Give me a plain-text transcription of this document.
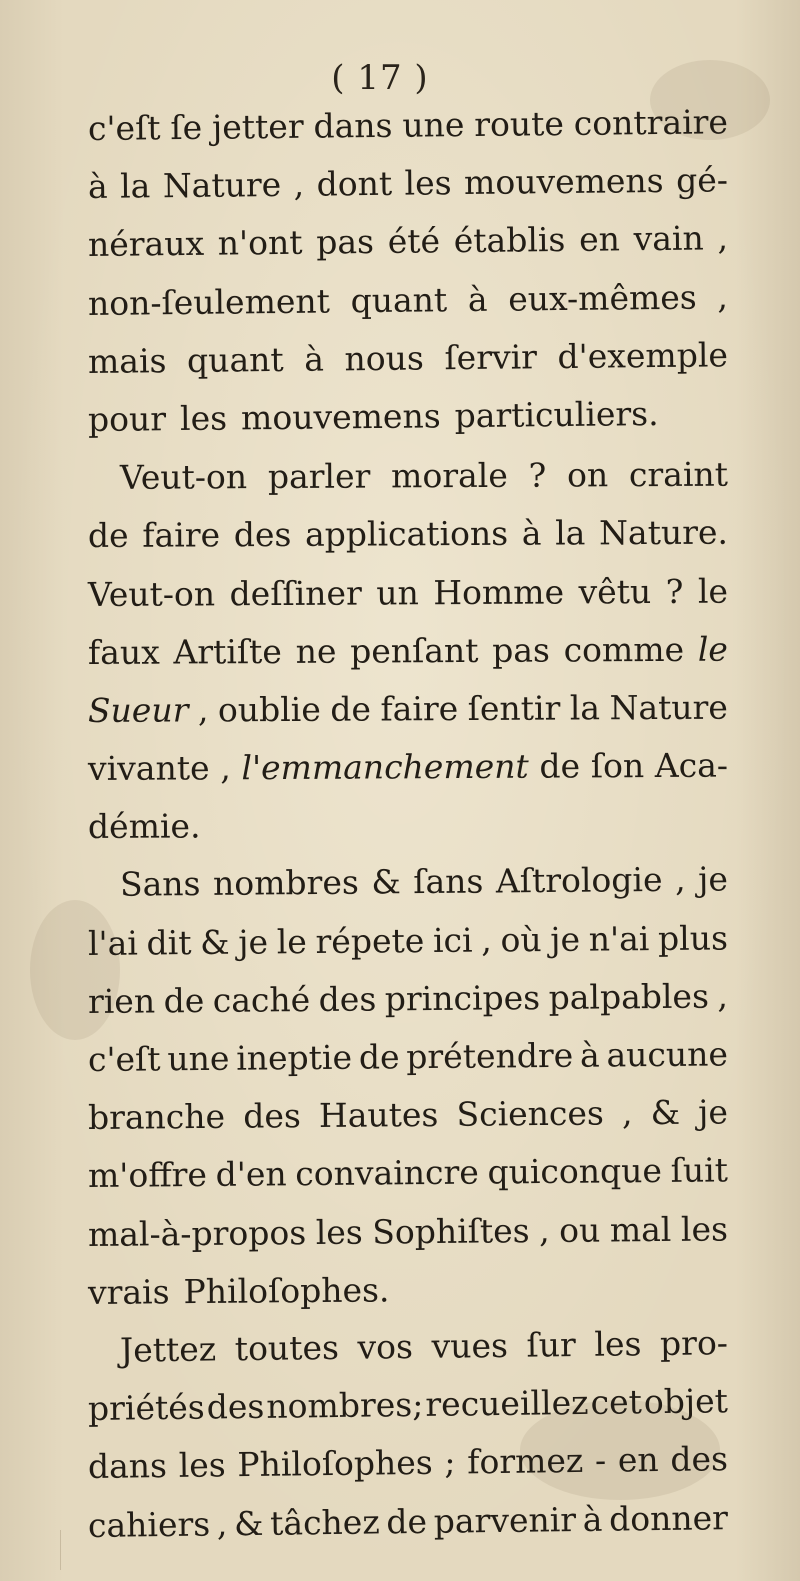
( 17 )
c'eſt ſe jetter dans une route contraire
à la Nature , dont les mouvemens gé-
néraux n'ont pas été établis en vain ,
non-ſeulement quant à eux-mêmes ,
mais quant à nous ſervir d'exemple
pour les mouvemens particuliers.
Veut-on parler morale ? on craint
de faire des applications à la Nature.
Veut-on deſſiner un Homme vêtu ? le
faux Artiſte ne penſant pas comme le
Sueur , oublie de faire ſentir la Nature
vivante , l'emmanchement de ſon Aca-
démie.
Sans nombres & ſans Aſtrologie , je
l'ai dit & je le répete ici , où je n'ai plus
rien de caché des principes palpables ,
c'eſt une ineptie de prétendre à aucune
branche des Hautes Sciences , & je
m'offre d'en convaincre quiconque ſuit
mal-à-propos les Sophiſtes , ou mal les
vrais Philoſophes.
Jettez toutes vos vues ſur les pro-
priétés des nombres; recueillez cet objet
dans les Philoſophes ; formez - en des
cahiers , & tâchez de parvenir à donner
